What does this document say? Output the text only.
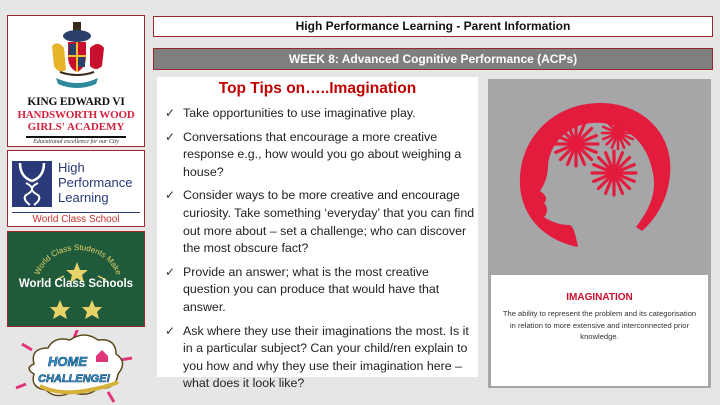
KING EDWARD VI
HANDSWORTH WOOD
GIRLS' ACADEMY
Educational excellence for our City
High
Performance
Learning
World Class School
World Class Students Make
World Class Schools
HOME
CHALLENGE!
High Performance Learning - Parent Information
WEEK 8: Advanced Cognitive Performance (ACPs)
Top Tips on…..Imagination
✓ Take opportunities to use imaginative play.
✓ Conversations that encourage a more creative response e.g., how would you go about weighing a house?
✓ Consider ways to be more creative and encourage curiosity. Take something ‘everyday’ that you can find out more about – set a challenge; who can discover the most obscure fact?
✓ Provide an answer; what is the most creative question you can produce that would have that answer.
✓ Ask where they use their imaginations the most. Is it in a particular subject? Can your child/ren explain to you how and why they use their imagination here – what does it look like?
IMAGINATION
The ability to represent the problem and its categorisation in relation to more extensive and interconnected prior knowledge.
